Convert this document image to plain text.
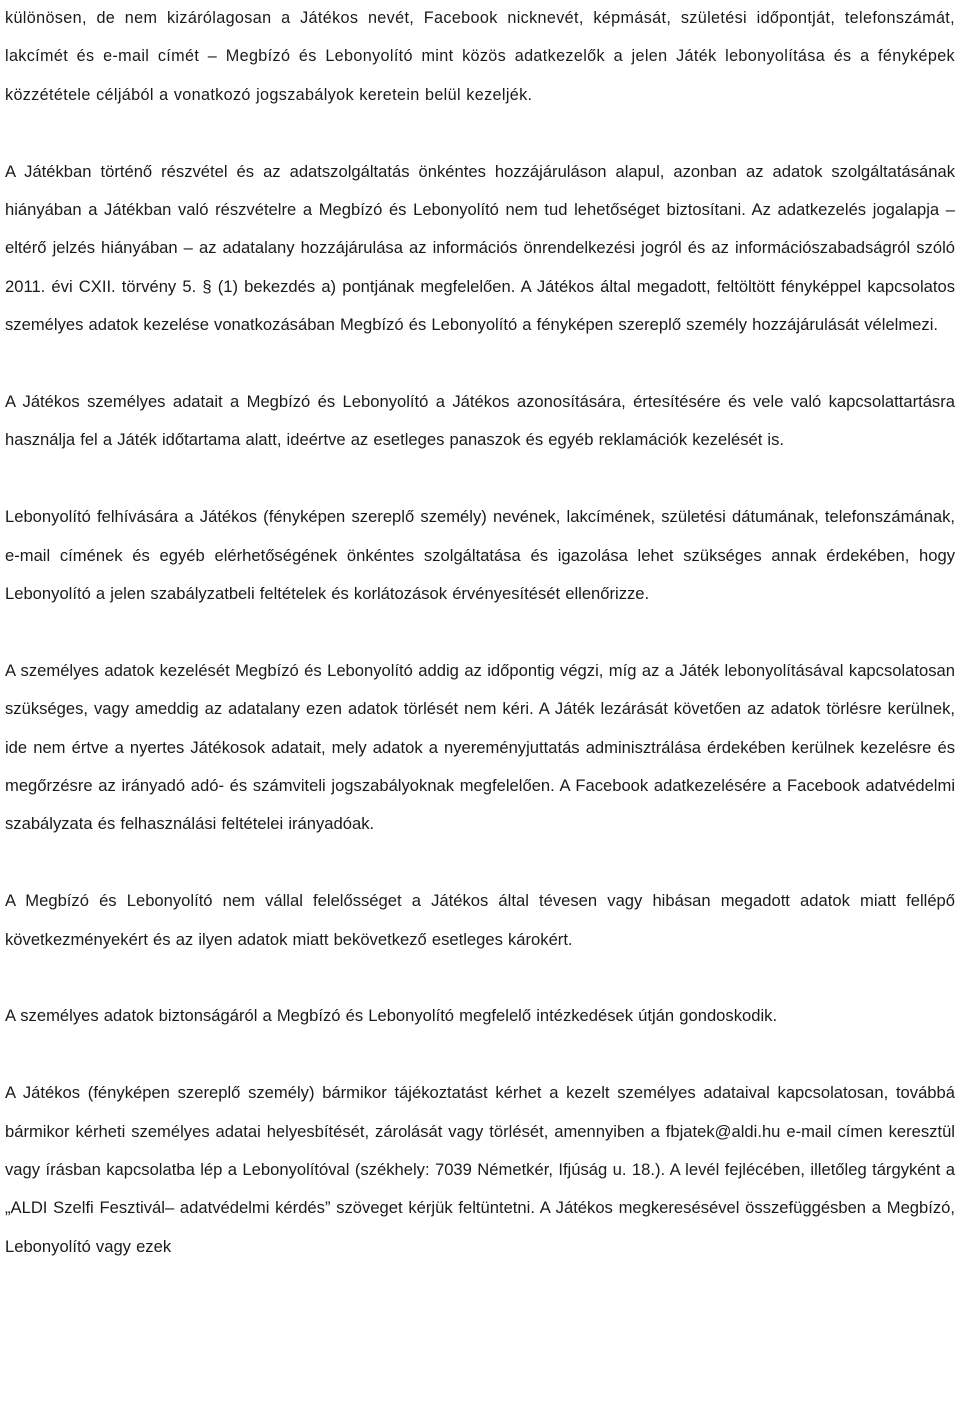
különösen, de nem kizárólagosan a Játékos nevét, Facebook nicknevét, képmását, születési időpontját, telefonszámát, lakcímét és e-mail címét – Megbízó és Lebonyolító mint közös adatkezelők a jelen Játék lebonyolítása és a fényképek közzététele céljából a vonatkozó jogszabályok keretein belül kezeljék.

A Játékban történő részvétel és az adatszolgáltatás önkéntes hozzájáruláson alapul, azonban az adatok szolgáltatásának hiányában a Játékban való részvételre a Megbízó és Lebonyolító nem tud lehetőséget biztosítani. Az adatkezelés jogalapja – eltérő jelzés hiányában – az adatalany hozzájárulása az információs önrendelkezési jogról és az információszabadságról szóló 2011. évi CXII. törvény 5. § (1) bekezdés a) pontjának megfelelően. A Játékos által megadott, feltöltött fényképpel kapcsolatos személyes adatok kezelése vonatkozásában Megbízó és Lebonyolító a fényképen szereplő személy hozzájárulását vélelmezi.

A Játékos személyes adatait a Megbízó és Lebonyolító a Játékos azonosítására, értesítésére és vele való kapcsolattartásra használja fel a Játék időtartama alatt, ideértve az esetleges panaszok és egyéb reklamációk kezelését is.

Lebonyolító felhívására a Játékos (fényképen szereplő személy) nevének, lakcímének, születési dátumának, telefonszámának, e-mail címének és egyéb elérhetőségének önkéntes szolgáltatása és igazolása lehet szükséges annak érdekében, hogy Lebonyolító a jelen szabályzatbeli feltételek és korlátozások érvényesítését ellenőrizze.

A személyes adatok kezelését Megbízó és Lebonyolító addig az időpontig végzi, míg az a Játék lebonyolításával kapcsolatosan szükséges, vagy ameddig az adatalany ezen adatok törlését nem kéri. A Játék lezárását követően az adatok törlésre kerülnek, ide nem értve a nyertes Játékosok adatait, mely adatok a nyereményjuttatás adminisztrálása érdekében kerülnek kezelésre és megőrzésre az irányadó adó- és számviteli jogszabályoknak megfelelően. A Facebook adatkezelésére a Facebook adatvédelmi szabályzata és felhasználási feltételei irányadóak.

A Megbízó és Lebonyolító nem vállal felelősséget a Játékos által tévesen vagy hibásan megadott adatok miatt fellépő következményekért és az ilyen adatok miatt bekövetkező esetleges károkért.

A személyes adatok biztonságáról a Megbízó és Lebonyolító megfelelő intézkedések útján gondoskodik.

A Játékos (fényképen szereplő személy) bármikor tájékoztatást kérhet a kezelt személyes adataival kapcsolatosan, továbbá bármikor kérheti személyes adatai helyesbítését, zárolását vagy törlését, amennyiben a fbjatek@aldi.hu e-mail címen keresztül vagy írásban kapcsolatba lép a Lebonyolítóval (székhely: 7039 Németkér, Ifjúság u. 18.). A levél fejlécében, illetőleg tárgyként a „ALDI Szelfi Fesztivál– adatvédelmi kérdés” szöveget kérjük feltüntetni. A Játékos megkeresésével összefüggésben a Megbízó, Lebonyolító vagy ezek
